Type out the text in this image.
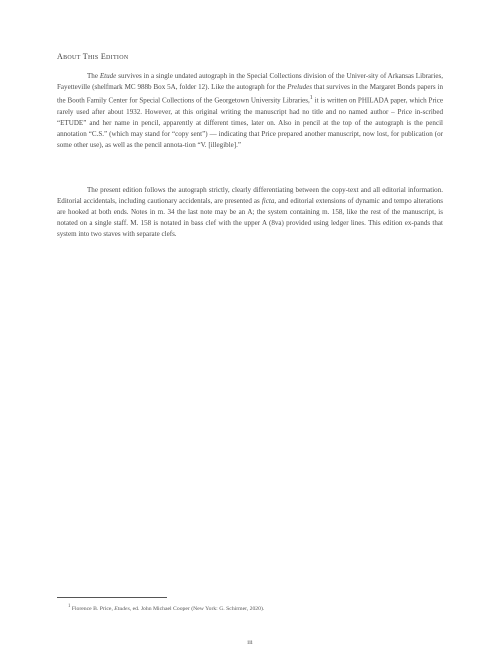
About This Edition

The Etude survives in a single undated autograph in the Special Collections division of the Univer-sity of Arkansas Libraries, Fayetteville (shelfmark MC 988b Box 5A, folder 12). Like the autograph for the Preludes that survives in the Margaret Bonds papers in the Booth Family Center for Special Collections of the Georgetown University Libraries,$^1$ it is written on PHILADA paper, which Price rarely used after about 1932. However, at this original writing the manuscript had no title and no named author – Price in-scribed “ETUDE” and her name in pencil, apparently at different times, later on. Also in pencil at the top of the autograph is the pencil annotation “C.S.” (which may stand for “copy sent”) — indicating that Price prepared another manuscript, now lost, for publication (or some other use), as well as the pencil annota-tion “V. [illegible].”

The present edition follows the autograph strictly, clearly differentiating between the copy-text and all editorial information. Editorial accidentals, including cautionary accidentals, are presented as ficta, and editorial extensions of dynamic and tempo alterations are hooked at both ends. Notes in m. 34 the last note may be an A; the system containing m. 158, like the rest of the manuscript, is notated on a single staff. M. 158 is notated in bass clef with the upper A (8va) provided using ledger lines. This edition ex-pands that system into two staves with separate clefs.

$^1$ Florence B. Price, Etudes, ed. John Michael Cooper (New York: G. Schirmer, 2020).

iii
